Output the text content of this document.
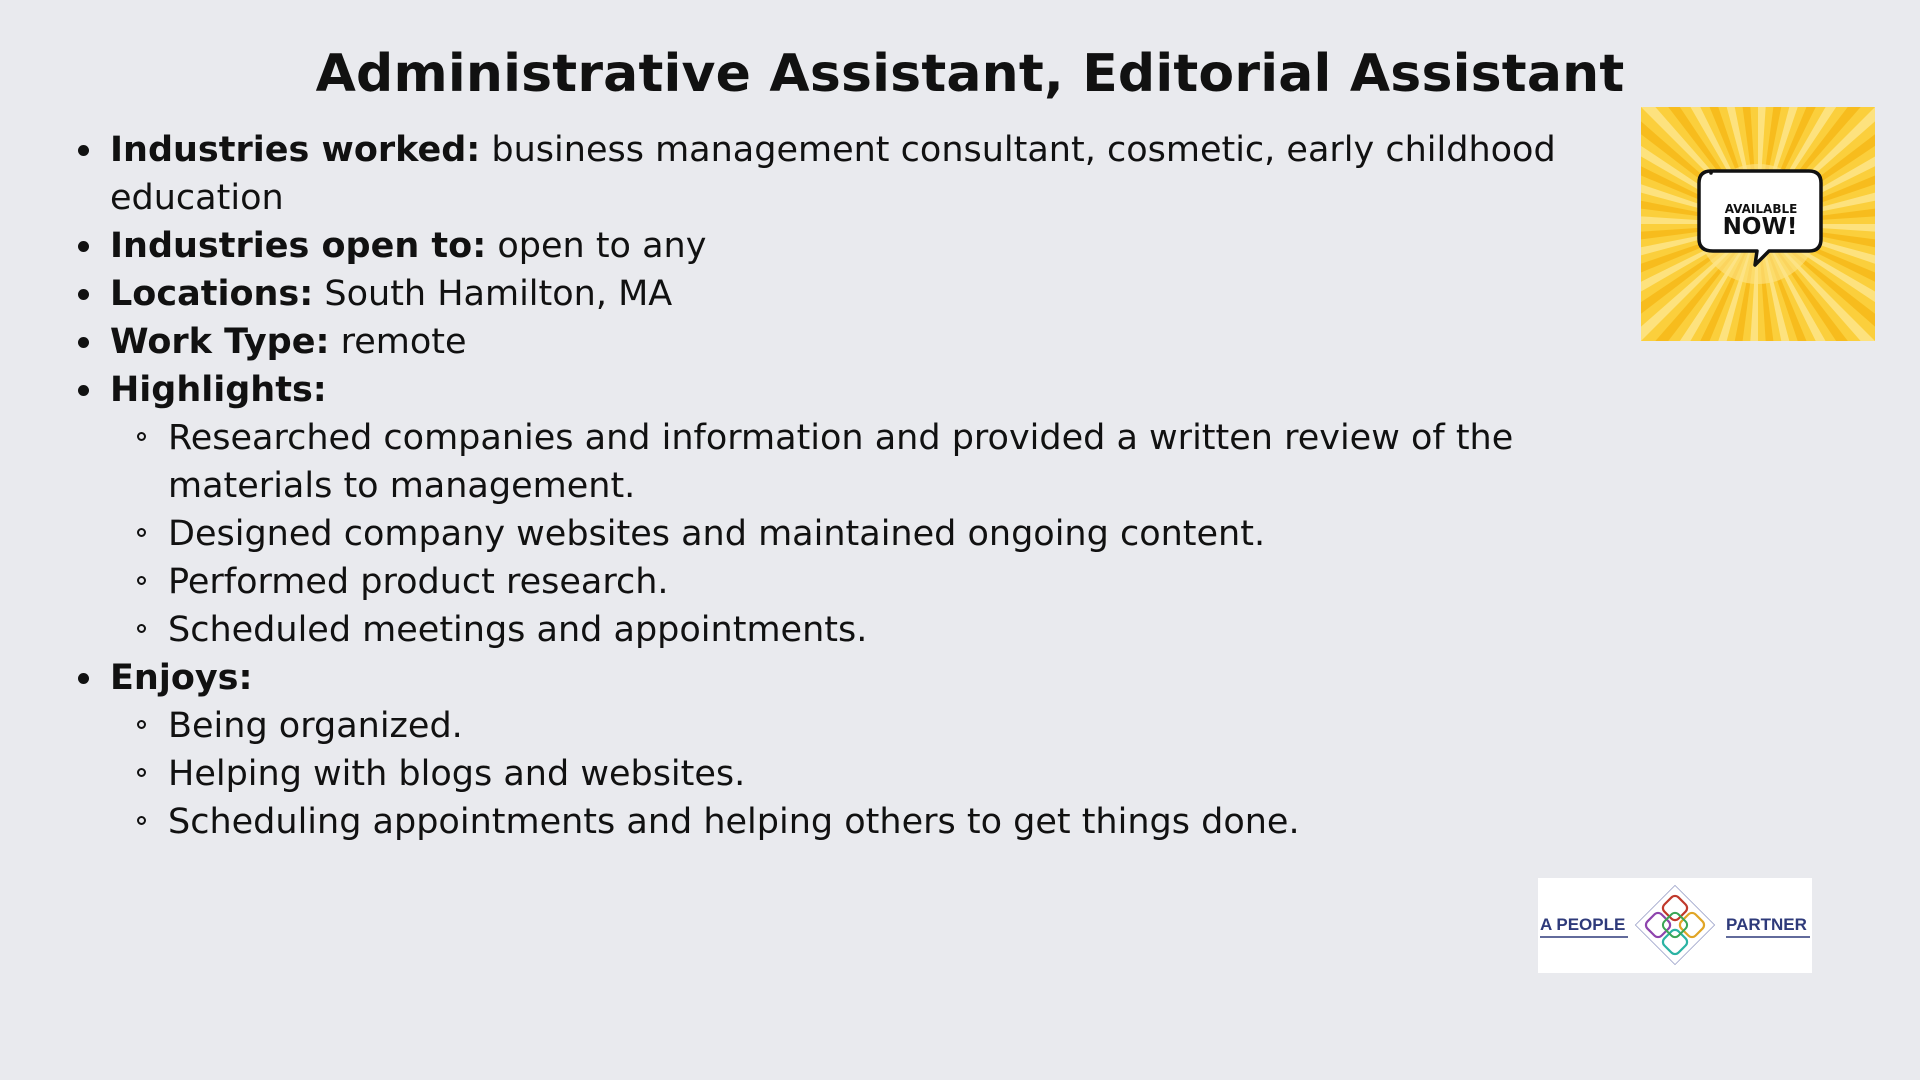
Administrative Assistant, Editorial Assistant
Industries worked: business management consultant, cosmetic, early childhood education
Industries open to: open to any
Locations: South Hamilton, MA
Work Type: remote
Highlights:
Researched companies and information and provided a written review of the materials to management.
Designed company websites and maintained ongoing content.
Performed product research.
Scheduled meetings and appointments.
Enjoys:
Being organized.
Helping with blogs and websites.
Scheduling appointments and helping others to get things done.
AVAILABLE
NOW!
A PEOPLE	PARTNER
